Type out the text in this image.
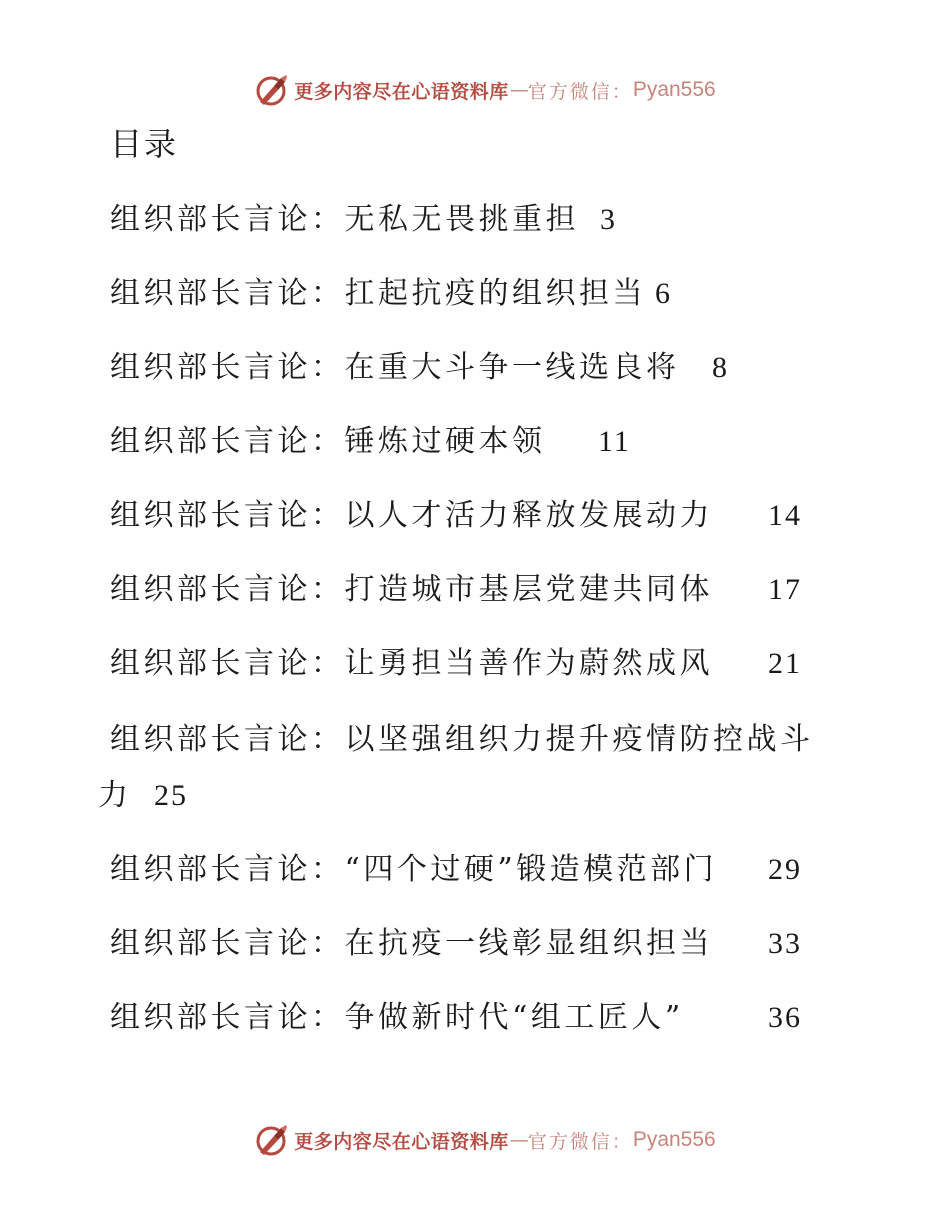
更多内容尽在心语资料库 — 官方微信： Pyan556
目录
组织部长言论：无私无畏挑重担 3
组织部长言论：扛起抗疫的组织担当 6
组织部长言论：在重大斗争一线选良将 8
组织部长言论：锤炼过硬本领 11
组织部长言论：以人才活力释放发展动力 14
组织部长言论：打造城市基层党建共同体 17
组织部长言论：让勇担当善作为蔚然成风 21
组织部长言论：以坚强组织力提升疫情防控战斗
力 25
组织部长言论：“四个过硬”锻造模范部门 29
组织部长言论：在抗疫一线彰显组织担当 33
组织部长言论：争做新时代“组工匠人”	36
更多内容尽在心语资料库 — 官方微信： Pyan556
